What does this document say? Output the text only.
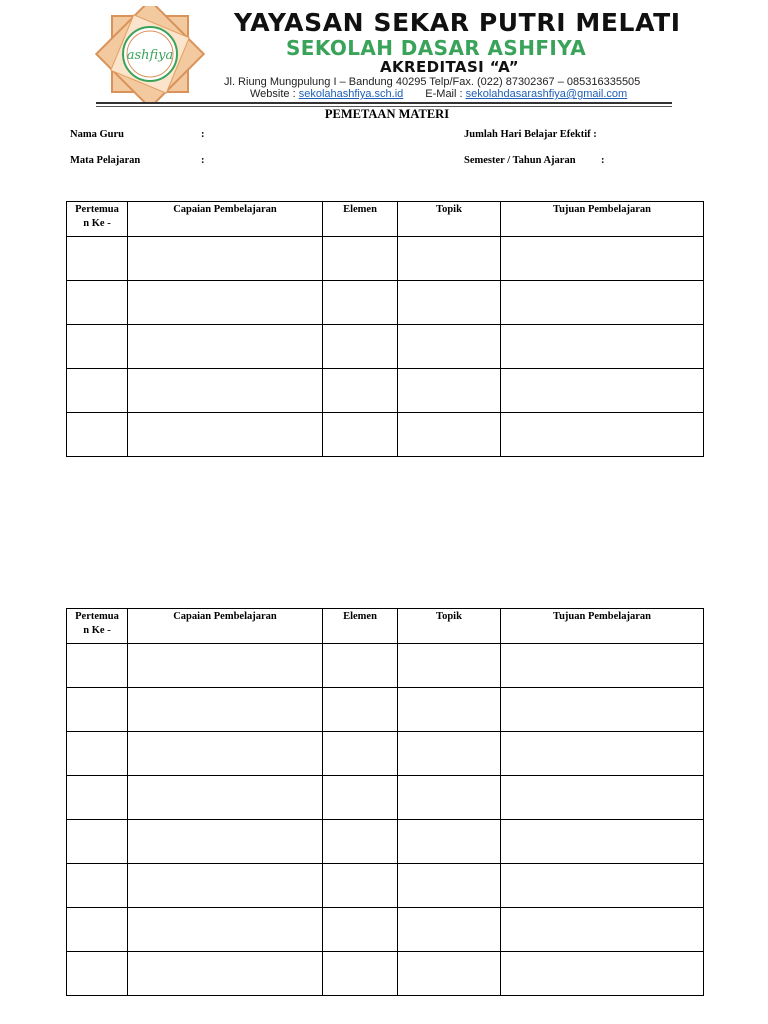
ashfiya
YAYASAN SEKAR PUTRI MELATI
SEKOLAH DASAR ASHFIYA
AKREDITASI “A”
Jl. Riung Mungpulung I – Bandung 40295 Telp/Fax. (022) 87302367 – 085316335505
Website : sekolahashfiya.sch.id E-Mail : sekolahdasarashfiya@gmail.com
PEMETAAN MATERI
Nama Guru	:	Jumlah Hari Belajar Efektif :
Mata Pelajaran	:	Semester / Tahun Ajaran :
Pertemua
n Ke -	Capaian Pembelajaran	Elemen	Topik	Tujuan Pembelajaran

Pertemua
n Ke -	Capaian Pembelajaran	Elemen	Topik	Tujuan Pembelajaran
